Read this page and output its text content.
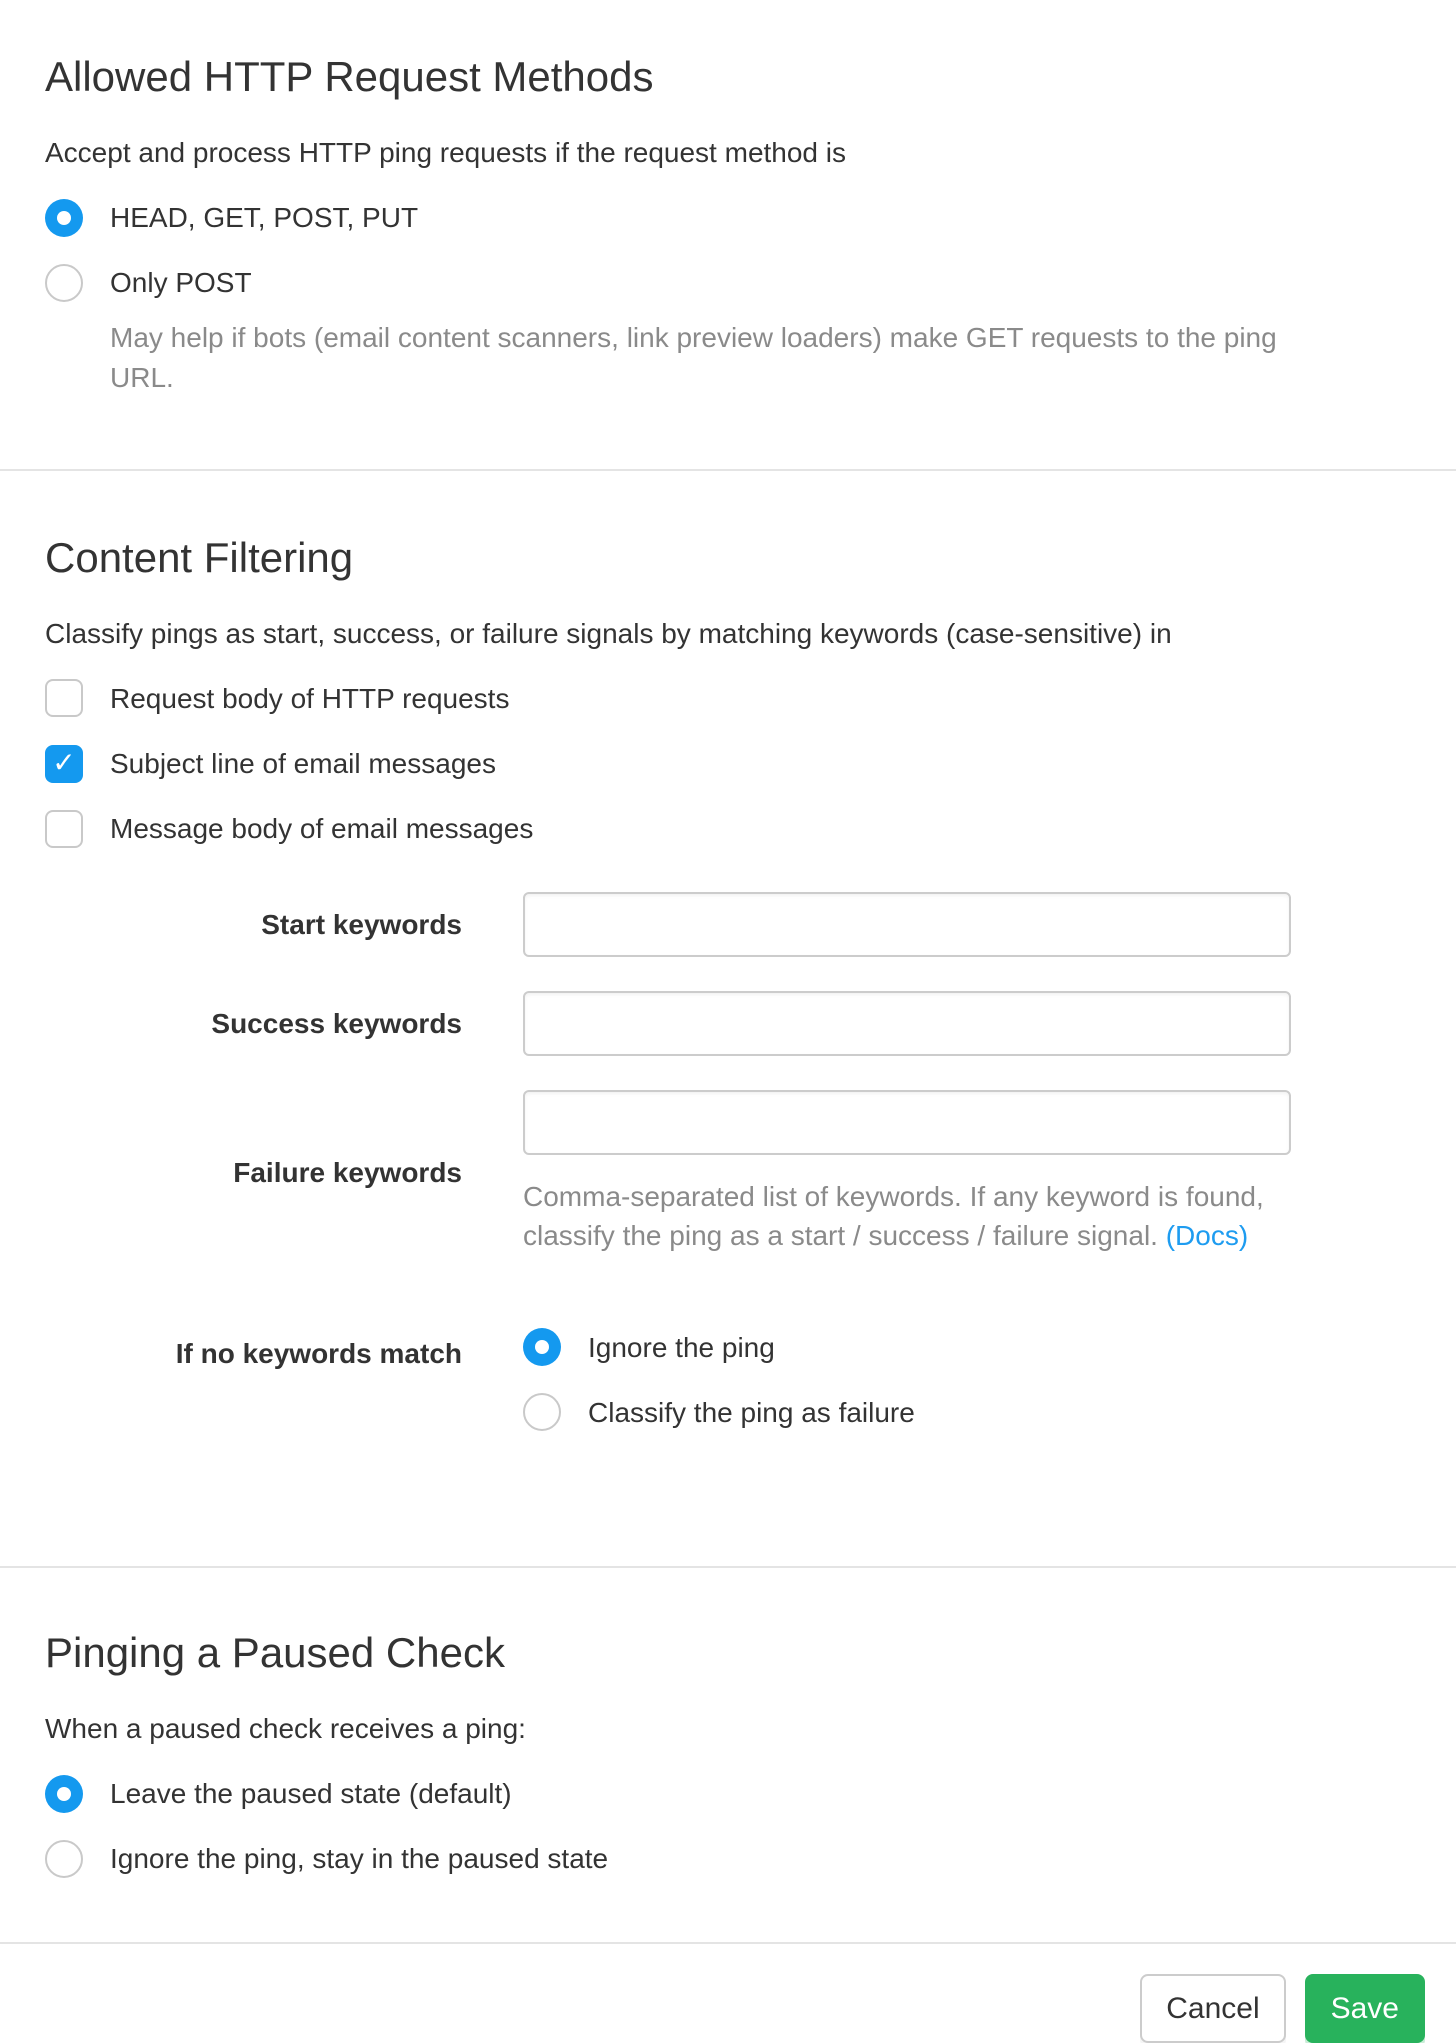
Allowed HTTP Request Methods
Accept and process HTTP ping requests if the request method is
HEAD, GET, POST, PUT
Only POST
May help if bots (email content scanners, link preview loaders) make GET requests to the ping URL.
Content Filtering
Classify pings as start, success, or failure signals by matching keywords (case-sensitive) in
Request body of HTTP requests
✓ Subject line of email messages
Message body of email messages
Start keywords
Success keywords
Failure keywords
Comma-separated list of keywords. If any keyword is found, classify the ping as a start / success / failure signal. (Docs)
If no keywords match	Ignore the ping
Classify the ping as failure
Pinging a Paused Check
When a paused check receives a ping:
Leave the paused state (default)
Ignore the ping, stay in the paused state
Cancel	Save
